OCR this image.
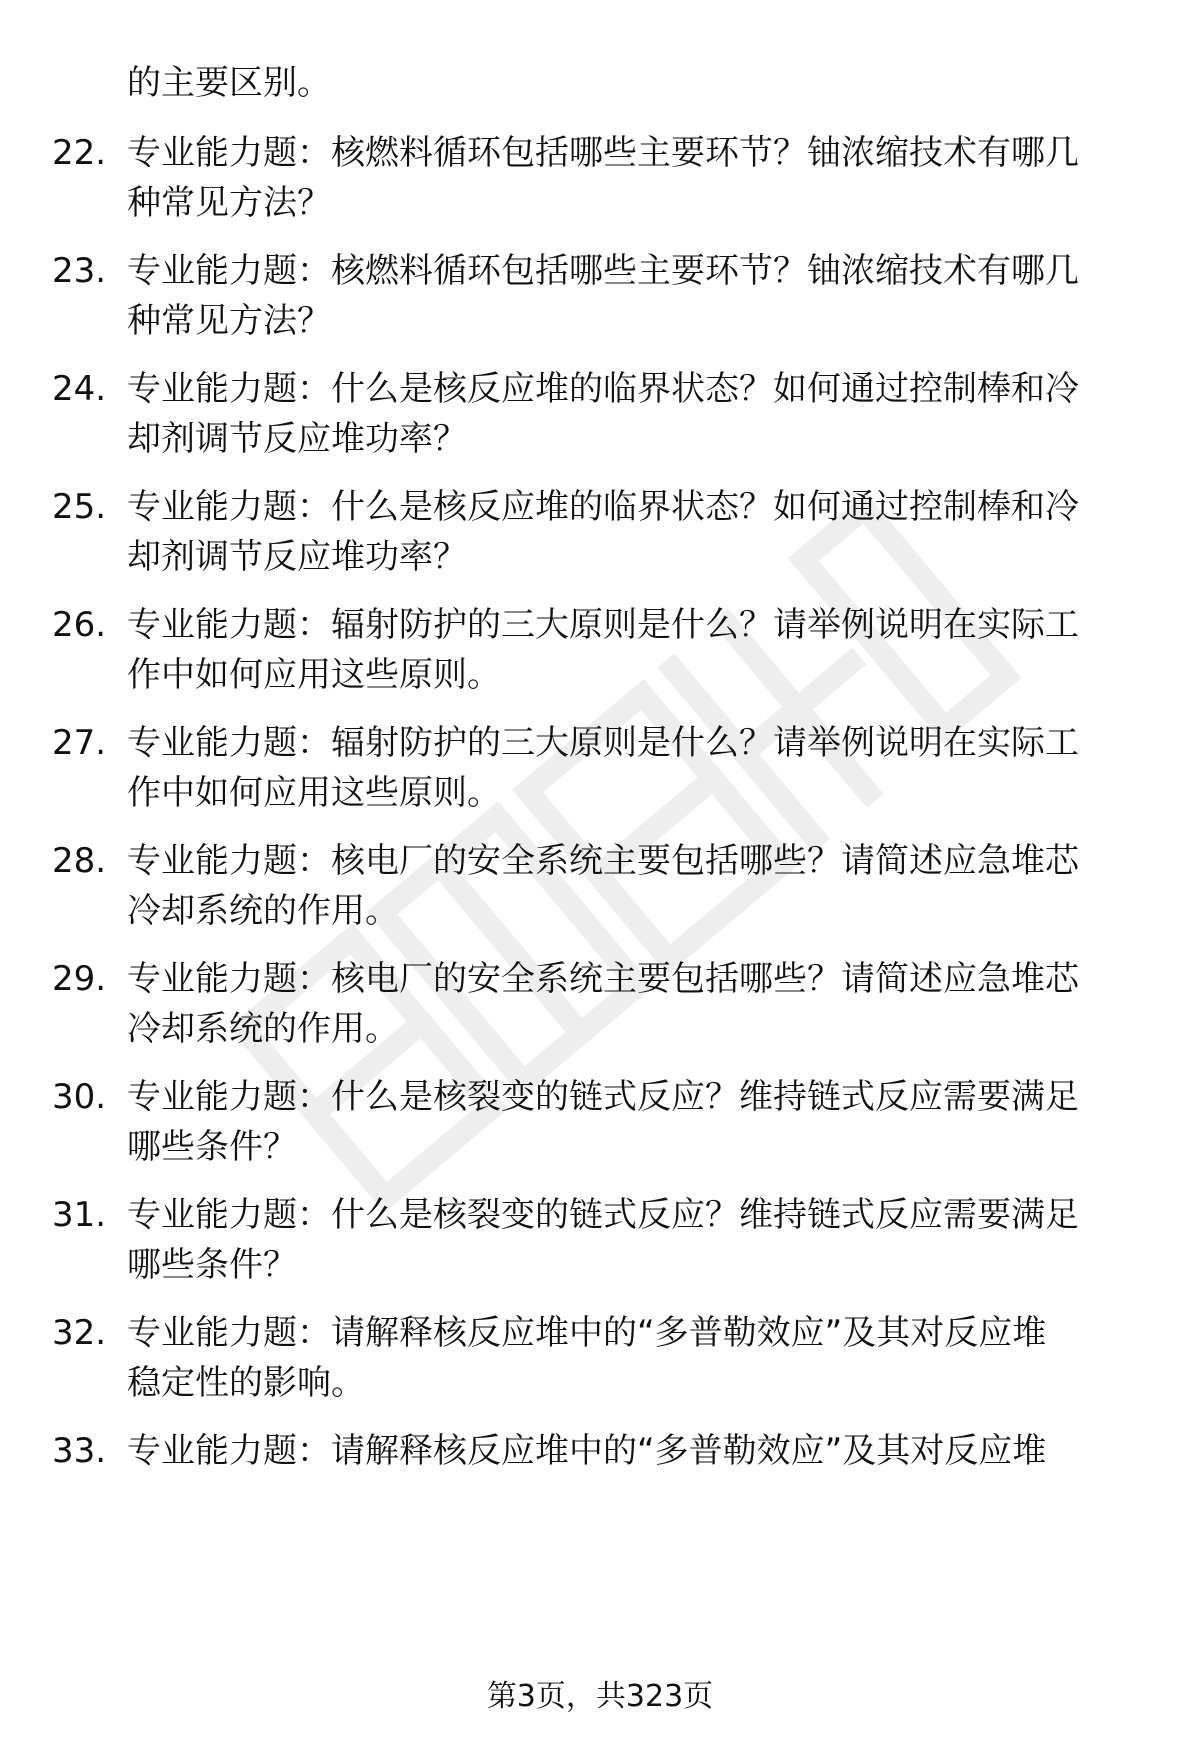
的主要区别。
22. 专业能力题：核燃料循环包括哪些主要环节？铀浓缩技术有哪几
种常见方法？
23. 专业能力题：核燃料循环包括哪些主要环节？铀浓缩技术有哪几
种常见方法？
24. 专业能力题：什么是核反应堆的临界状态？如何通过控制棒和冷
却剂调节反应堆功率？
25. 专业能力题：什么是核反应堆的临界状态？如何通过控制棒和冷
却剂调节反应堆功率？
26. 专业能力题：辐射防护的三大原则是什么？请举例说明在实际工
作中如何应用这些原则。
27. 专业能力题：辐射防护的三大原则是什么？请举例说明在实际工
作中如何应用这些原则。
28. 专业能力题：核电厂的安全系统主要包括哪些？请简述应急堆芯
冷却系统的作用。
29. 专业能力题：核电厂的安全系统主要包括哪些？请简述应急堆芯
冷却系统的作用。
30. 专业能力题：什么是核裂变的链式反应？维持链式反应需要满足
哪些条件？
31. 专业能力题：什么是核裂变的链式反应？维持链式反应需要满足
哪些条件？
32. 专业能力题：请解释核反应堆中的“多普勒效应”及其对反应堆
稳定性的影响。
33. 专业能力题：请解释核反应堆中的“多普勒效应”及其对反应堆
第3页，共323页
